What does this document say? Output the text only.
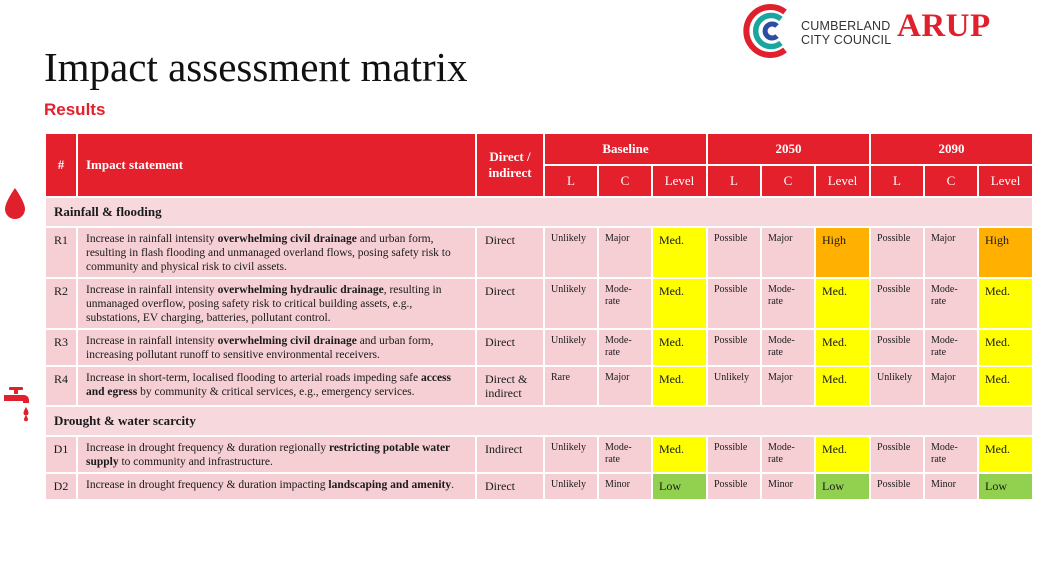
Impact assessment matrix
Results
CUMBERLAND
CITY COUNCIL ARUP
#	Impact statement	Direct /
indirect	Baseline			2050			2090		
			L	C	Level	L	C	Level	L	C	Level
Rainfall & flooding											
R1	Increase in rainfall intensity overwhelming civil drainage and urban form, resulting in flash flooding and unmanaged overland flows, posing safety risk to community and physical risk to civil assets.	Direct	Unlikely	Major	Med.	Possible	Major	High	Possible	Major	High
R2	Increase in rainfall intensity overwhelming hydraulic drainage, resulting in unmanaged overflow, posing safety risk to critical building assets, e.g., substations, EV charging, batteries, pollutant control.	Direct	Unlikely	Mode-rate	Med.	Possible	Mode-rate	Med.	Possible	Mode-rate	Med.
R3	Increase in rainfall intensity overwhelming civil drainage and urban form, increasing pollutant runoff to sensitive environmental receivers.	Direct	Unlikely	Mode-rate	Med.	Possible	Mode-rate	Med.	Possible	Mode-rate	Med.
R4	Increase in short-term, localised flooding to arterial roads impeding safe access and egress by community & critical services, e.g., emergency services.	Direct & indirect	Rare	Major	Med.	Unlikely	Major	Med.	Unlikely	Major	Med.
Drought & water scarcity											
D1	Increase in drought frequency & duration regionally restricting potable water supply to community and infrastructure.	Indirect	Unlikely	Mode-rate	Med.	Possible	Mode-rate	Med.	Possible	Mode-rate	Med.
D2	Increase in drought frequency & duration impacting landscaping and amenity.	Direct	Unlikely	Minor	Low	Possible	Minor	Low	Possible	Minor	Low
